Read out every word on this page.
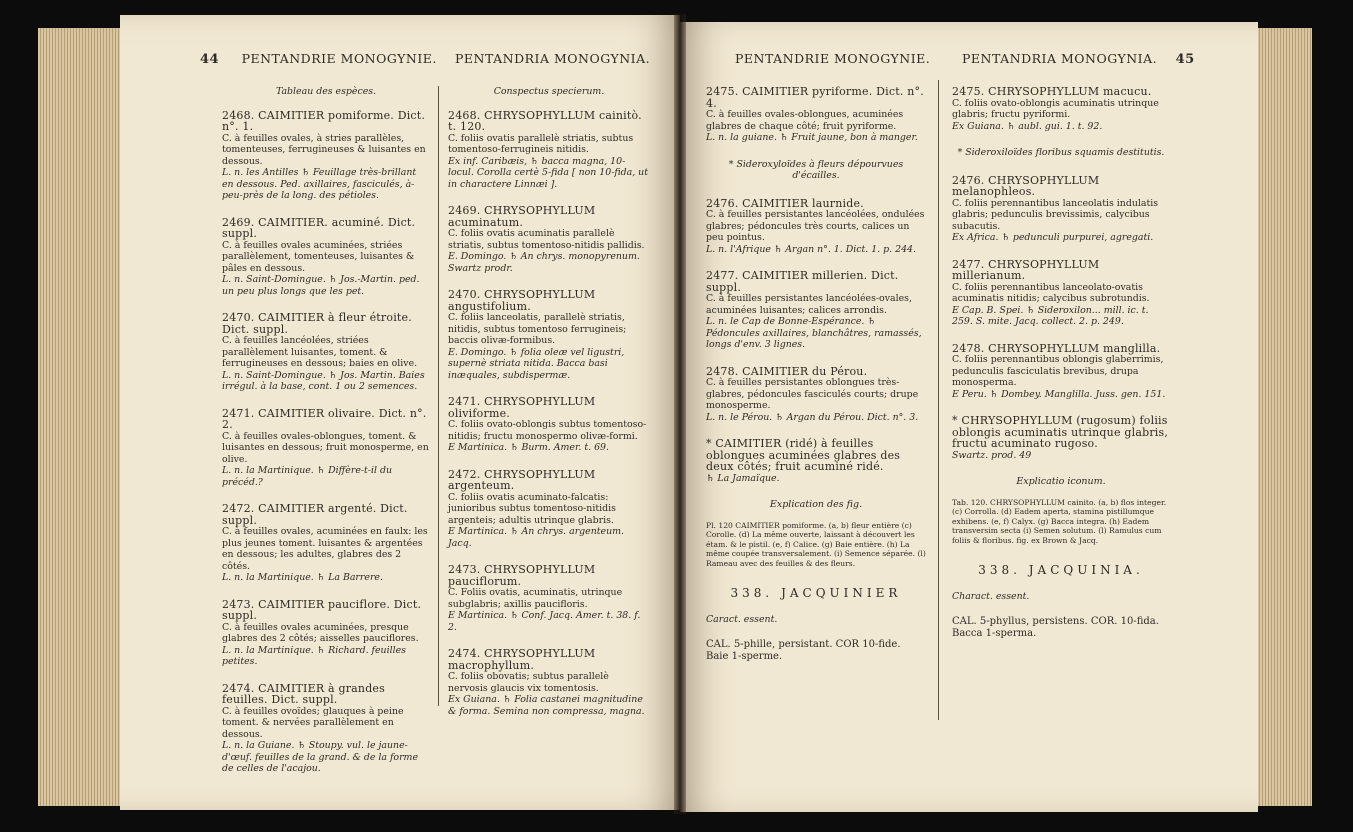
44 PENTANDRIE MONOGYNIE. PENTANDRIA MONOGYNIA.	PENTANDRIE MONOGYNIE.	PENTANDRIA MONOGYNIA. 45
Tableau des espèces.
2468. CAIMITIER pomiforme. Dict. n°. 1.
C. à feuilles ovales, à stries parallèles, tomenteuses, ferrugineuses & luisantes en dessous.
L. n. les Antilles ♄ Feuillage très-brillant en dessous. Ped. axillaires, fasciculés, à-peu-près de la long. des pétioles.
2469. CAIMITIER. acuminé. Dict. suppl.
C. à feuilles ovales acuminées, striées parallèlement, tomenteuses, luisantes & pâles en dessous.
L. n. Saint-Domingue. ♄ Jos.-Martin. ped. un peu plus longs que les pet.
2470. CAIMITIER à fleur étroite. Dict. suppl.
C. à feuilles lancéolées, striées parallèlement luisantes, toment. & ferrugineuses en dessous; baies en olive.
L. n. Saint-Domingue. ♄ Jos. Martin. Baies irrégul. à la base, cont. 1 ou 2 semences.
2471. CAIMITIER olivaire. Dict. n°. 2.
C. à feuilles ovales-oblongues, toment. & luisantes en dessous; fruit monosperme, en olive.
L. n. la Martinique. ♄ Diffère-t-il du précéd.?
2472. CAIMITIER argenté. Dict. suppl.
C. à feuilles ovales, acuminées en faulx: les plus jeunes toment. luisantes & argentées en dessous; les adultes, glabres des 2 côtés.
L. n. la Martinique. ♄ La Barrere.
2473. CAIMITIER pauciflore. Dict. suppl.
C. à feuilles ovales acuminées, presque glabres des 2 côtés; aisselles pauciflores.
L. n. la Martinique. ♄ Richard. feuilles petites.
2474. CAIMITIER à grandes feuilles. Dict. suppl.
C. à feuilles ovoïdes; glauques à peine toment. & nervées parallèlement en dessous.
L. n. la Guiane. ♄ Stoupy. vul. le jaune-d'œuf. feuilles de la grand. & de la forme de celles de l'acajou.
Conspectus specierum.
2468. CHRYSOPHYLLUM cainitò. t. 120.
C. foliis ovatis parallelè striatis, subtus tomentoso-ferrugineis nitidis.
Ex inf. Caribæis, ♄ bacca magna, 10-locul. Corolla certè 5-fida [ non 10-fida, ut in charactere Linnæi ].
2469. CHRYSOPHYLLUM acuminatum.
C. foliis ovatis acuminatis parallelè striatis, subtus tomentoso-nitidis pallidis.
E. Domingo. ♄ An chrys. monopyrenum. Swartz prodr.
2470. CHRYSOPHYLLUM angustifolium.
C. foliis lanceolatis, parallelè striatis, nitidis, subtus tomentoso ferrugineis; baccis olivæ-formibus.
E. Domingo. ♄ folia oleæ vel ligustri, supernè striata nitida. Bacca basi inæquales, subdispermæ.
2471. CHRYSOPHYLLUM oliviforme.
C. foliis ovato-oblongis subtus tomentoso-nitidis; fructu monospermo olivæ-formi.
E Martinica. ♄ Burm. Amer. t. 69.
2472. CHRYSOPHYLLUM argenteum.
C. foliis ovatis acuminato-falcatis: junioribus subtus tomentoso-nitidis argenteis; adultis utrinque glabris.
E Martinica. ♄ An chrys. argenteum. Jacq.
2473. CHRYSOPHYLLUM pauciflorum.
C. Foliis ovatis, acuminatis, utrinque subglabris; axillis paucifloris.
E Martinica. ♄ Conf. Jacq. Amer. t. 38. f. 2.
2474. CHRYSOPHYLLUM macrophyllum.
C. foliis obovatis; subtus parallelè nervosis glaucis vix tomentosis.
Ex Guiana. ♄ Folia castanei magnitudine & forma. Semina non compressa, magna.
2475. CAIMITIER pyriforme. Dict. n°. 4.
C. à feuilles ovales-oblongues, acuminées glabres de chaque côté; fruit pyriforme.
L. n. la guiane. ♄ Fruit jaune, bon à manger.
* Sideroxyloïdes à fleurs dépourvues d'écailles.
2476. CAIMITIER laurnide.
C. à feuilles persistantes lancéolées, ondulées glabres; pédoncules très courts, calices un peu pointus.
L. n. l'Afrique ♄ Argan n°. 1. Dict. 1. p. 244.
2477. CAIMITIER millerien. Dict. suppl.
C. à feuilles persistantes lancéolées-ovales, acuminées luisantes; calices arrondis.
L. n. le Cap de Bonne-Espérance. ♄ Pédoncules axillaires, blanchâtres, ramassés, longs d'env. 3 lignes.
2478. CAIMITIER du Pérou.
C. à feuilles persistantes oblongues très-glabres, pédoncules fasciculés courts; drupe monosperme.
L. n. le Pérou. ♄ Argan du Pérou. Dict. n°. 3.
* CAIMITIER (ridé) à feuilles oblongues acuminées glabres des deux côtés; fruit acuminé ridé.
♄ La Jamaïque.
Explication des fig.
Pl. 120 CAIMITIER pomiforme. (a, b) fleur entière (c) Corolle. (d) La même ouverte, laissant à découvert les étam. & le pistil. (e, f) Calice. (g) Baie entière. (h) La même coupée transversalement. (i) Semence séparée. (l) Rameau avec des feuilles & des fleurs.
338. JACQUINIER
Caract. essent.
CAL. 5-phille, persistant. COR 10-fide. Baie 1-sperme.
2475. CHRYSOPHYLLUM macucu.
C. foliis ovato-oblongis acuminatis utrinque glabris; fructu pyriformi.
Ex Guiana. ♄ aubl. gui. 1. t. 92.
* Sideroxiloïdes floribus squamis destitutis.
2476. CHRYSOPHYLLUM melanophleos.
C. foliis perennantibus lanceolatis indulatis glabris; pedunculis brevissimis, calycibus subacutis.
Ex Africa. ♄ pedunculi purpurei, agregati.
2477. CHRYSOPHYLLUM millerianum.
C. foliis perennantibus lanceolato-ovatis acuminatis nitidis; calycibus subrotundis.
E Cap. B. Spei. ♄ Sideroxilon... mill. ic. t. 259. S. mite. Jacq. collect. 2. p. 249.
2478. CHRYSOPHYLLUM manglilla.
C. foliis perennantibus oblongis glaberrimis, pedunculis fasciculatis brevibus, drupa monosperma.
E Peru. ♄ Dombey. Manglilla. Juss. gen. 151.
* CHRYSOPHYLLUM (rugosum) foliis oblongis acuminatis utrinque glabris, fructu acuminato rugoso.
Swartz. prod. 49
Explicatio iconum.
Tab. 120. CHRYSOPHYLLUM cainito. (a, b) flos integer. (c) Corrolla. (d) Eadem aperta, stamina pistillumque exhibens. (e, f) Calyx. (g) Bacca integra. (h) Eadem transversim secta (i) Semen solutum. (l) Ramulus cum foliis & floribus. fig. ex Brown & Jacq.
338. JACQUINIA.
Charact. essent.
CAL. 5-phyllus, persistens. COR. 10-fida. Bacca 1-sperma.
